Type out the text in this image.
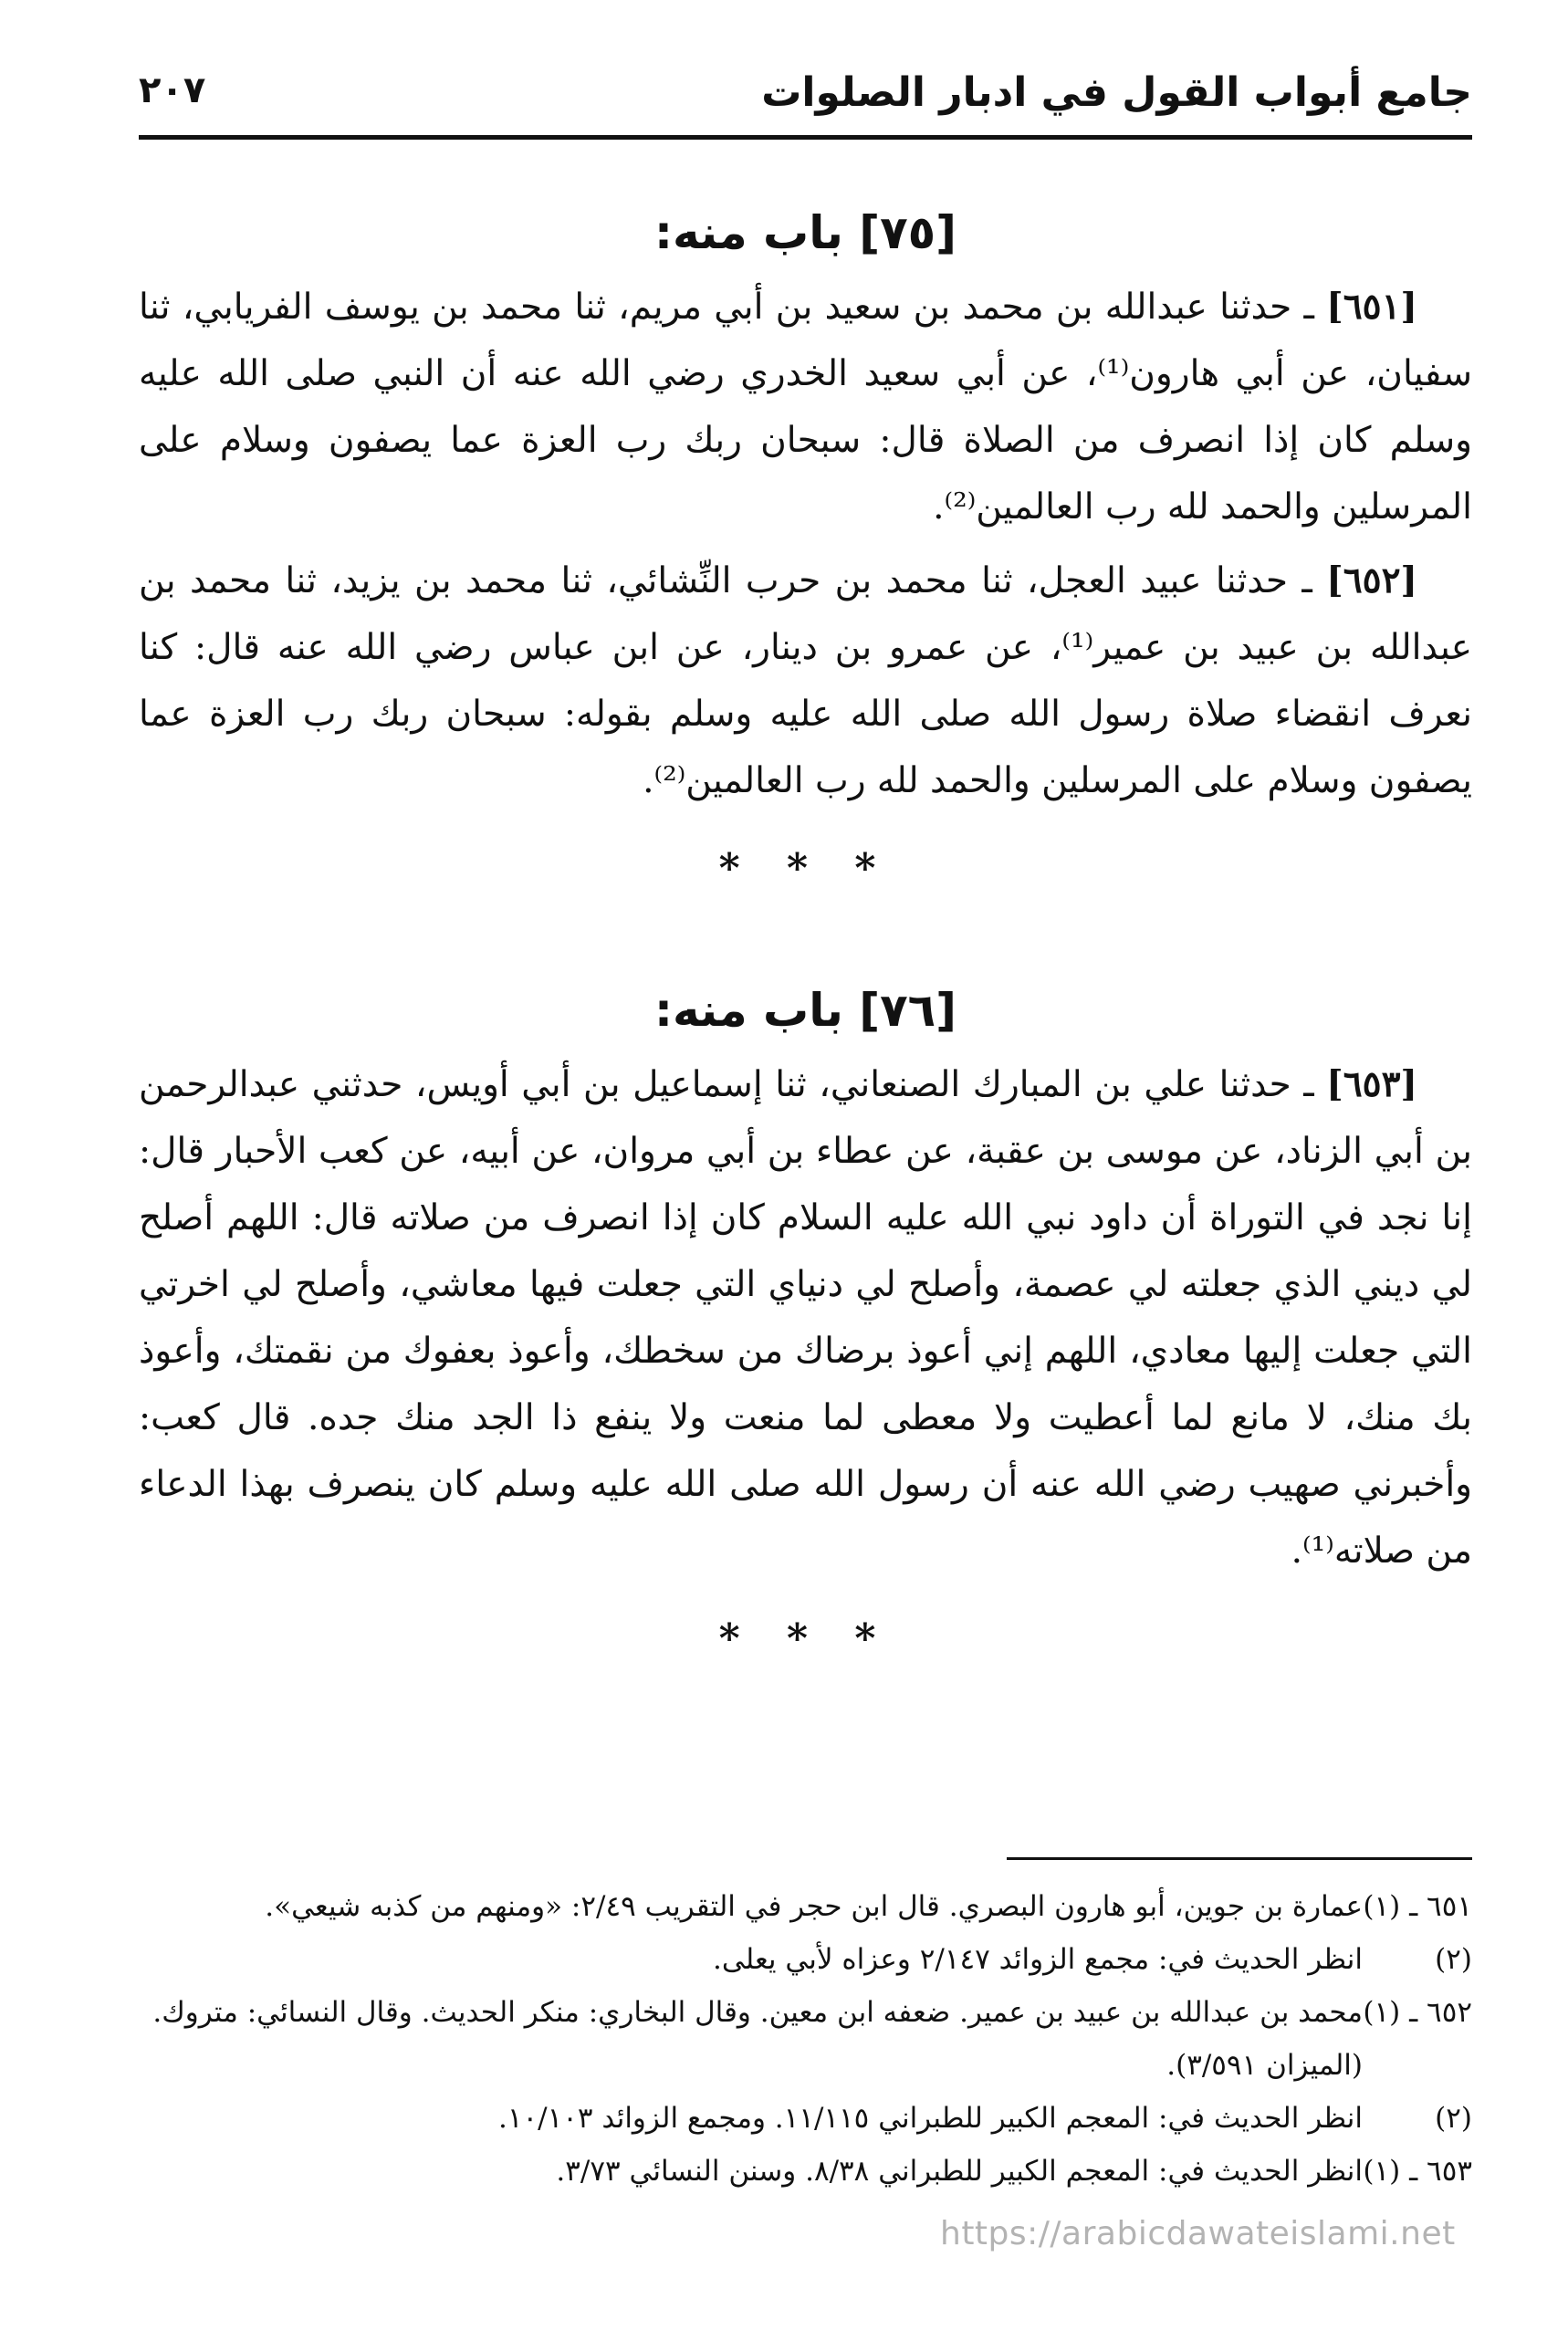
جامع أبواب القول في ادبار الصلوات
٢٠٧
[٧٥] باب منه:

[٦٥١] ـ حدثنا عبدالله بن محمد بن سعيد بن أبي مريم، ثنا محمد بن يوسف الفريابي، ثنا سفيان، عن أبي هارون⁽¹⁾، عن أبي سعيد الخدري رضي الله عنه أن النبي صلى الله عليه وسلم كان إذا انصرف من الصلاة قال: سبحان ربك رب العزة عما يصفون وسلام على المرسلين والحمد لله رب العالمين⁽²⁾.

[٦٥٢] ـ حدثنا عبيد العجل، ثنا محمد بن حرب النِّشائي، ثنا محمد بن يزيد، ثنا محمد بن عبدالله بن عبيد بن عمير⁽¹⁾، عن عمرو بن دينار، عن ابن عباس رضي الله عنه قال: كنا نعرف انقضاء صلاة رسول الله صلى الله عليه وسلم بقوله: سبحان ربك رب العزة عما يصفون وسلام على المرسلين والحمد لله رب العالمين⁽²⁾.

* * *
[٧٦] باب منه:

[٦٥٣] ـ حدثنا علي بن المبارك الصنعاني، ثنا إسماعيل بن أبي أويس، حدثني عبدالرحمن بن أبي الزناد، عن موسى بن عقبة، عن عطاء بن أبي مروان، عن أبيه، عن كعب الأحبار قال: إنا نجد في التوراة أن داود نبي الله عليه السلام كان إذا انصرف من صلاته قال: اللهم أصلح لي ديني الذي جعلته لي عصمة، وأصلح لي دنياي التي جعلت فيها معاشي، وأصلح لي اخرتي التي جعلت إليها معادي، اللهم إني أعوذ برضاك من سخطك، وأعوذ بعفوك من نقمتك، وأعوذ بك منك، لا مانع لما أعطيت ولا معطى لما منعت ولا ينفع ذا الجد منك جده. قال كعب: وأخبرني صهيب رضي الله عنه أن رسول الله صلى الله عليه وسلم كان ينصرف بهذا الدعاء من صلاته⁽¹⁾.

* * *
٦٥١ ـ (١)
عمارة بن جوين، أبو هارون البصري. قال ابن حجر في التقريب ٢/٤٩: «ومنهم من كذبه شيعي».
(٢)
انظر الحديث في: مجمع الزوائد ٢/١٤٧ وعزاه لأبي يعلى.
٦٥٢ ـ (١)
محمد بن عبدالله بن عبيد بن عمير. ضعفه ابن معين. وقال البخاري: منكر الحديث. وقال النسائي: متروك. (الميزان ٣/٥٩١).
(٢)
انظر الحديث في: المعجم الكبير للطبراني ١١/١١٥. ومجمع الزوائد ١٠/١٠٣.
٦٥٣ ـ (١)
انظر الحديث في: المعجم الكبير للطبراني ٨/٣٨. وسنن النسائي ٣/٧٣.
https://arabicdawateislami.net
